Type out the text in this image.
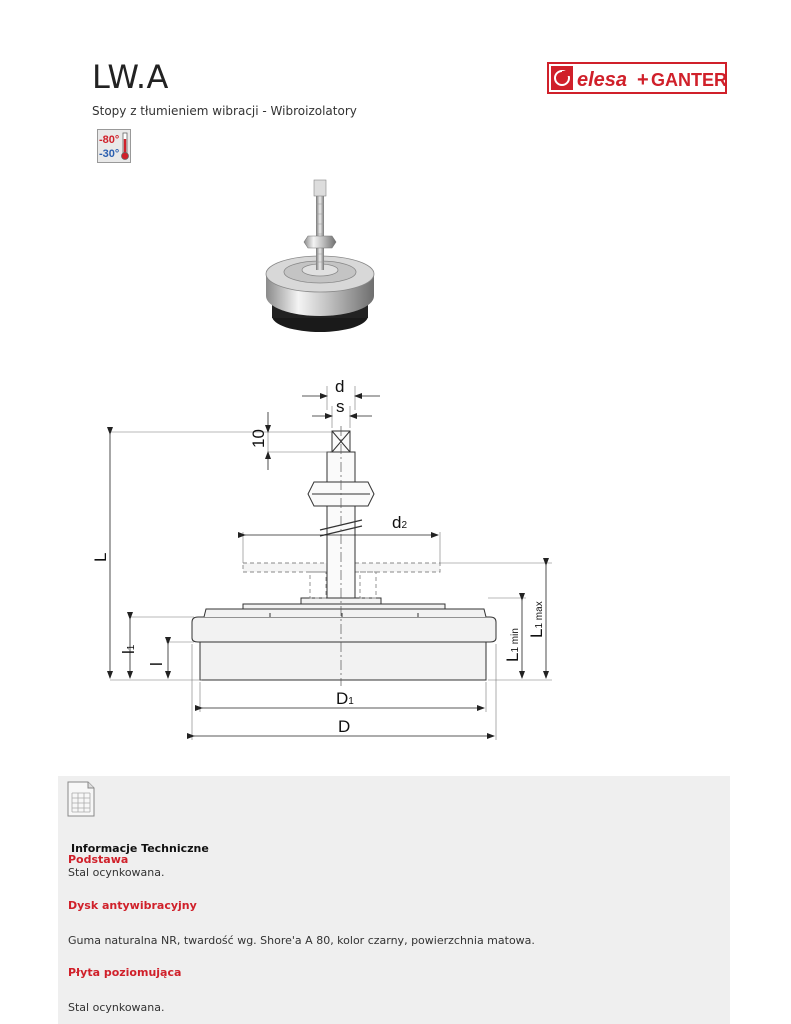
LW.A
Stopy z tłumieniem wibracji - Wibroizolatory
elesa + GANTER
-80°
-30°
d
s
10
d2
L
l1
l
L1 min L1 max
D1
D
Informacje Techniczne
Podstawa
Stal ocynkowana.
Dysk antywibracyjny
Guma naturalna NR, twardość wg. Shore'a A 80, kolor czarny, powierzchnia matowa.
Płyta poziomująca
Stal ocynkowana.
